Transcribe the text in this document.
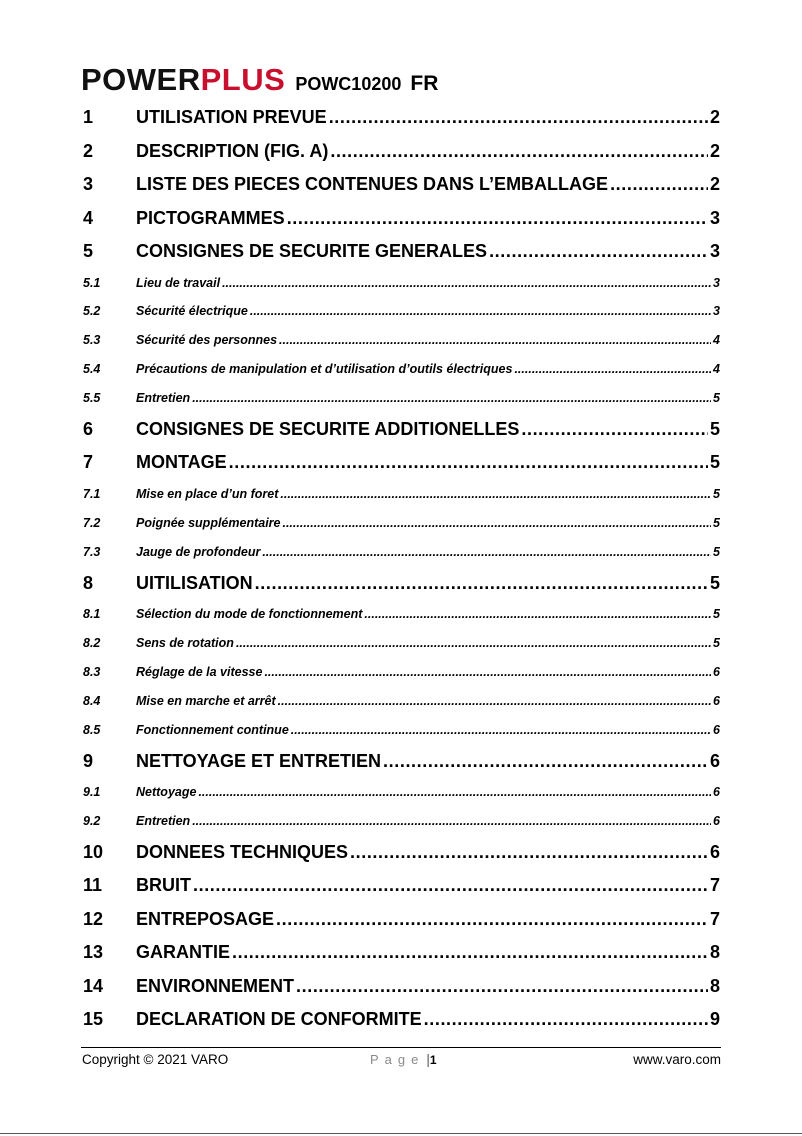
POWERPLUS POWC10200 FR
1	UTILISATION PREVUE .....	2
2	DESCRIPTION (FIG. A) .....	2
3	LISTE DES PIECES CONTENUES DANS L’EMBALLAGE .....	2
4	PICTOGRAMMES .....	3
5	CONSIGNES DE SECURITE GENERALES .....	3
5.1	Lieu de travail .....	3
5.2	Sécurité électrique .....	3
5.3	Sécurité des personnes .....	4
5.4	Précautions de manipulation et d’utilisation d’outils électriques .....	4
5.5	Entretien .....	5
6	CONSIGNES DE SECURITE ADDITIONELLES .....	5
7	MONTAGE .....	5
7.1	Mise en place d’un foret .....	5
7.2	Poignée supplémentaire .....	5
7.3	Jauge de profondeur .....	5
8	UITILISATION .....	5
8.1	Sélection du mode de fonctionnement .....	5
8.2	Sens de rotation .....	5
8.3	Réglage de la vitesse .....	6
8.4	Mise en marche et arrêt .....	6
8.5	Fonctionnement continue .....	6
9	NETTOYAGE ET ENTRETIEN .....	6
9.1	Nettoyage .....	6
9.2	Entretien .....	6
10	DONNEES TECHNIQUES .....	6
11	BRUIT .....	7
12	ENTREPOSAGE .....	7
13	GARANTIE .....	8
14	ENVIRONNEMENT .....	8
15	DECLARATION DE CONFORMITE .....	9
Copyright © 2021 VARO	Page |1	www.varo.com
